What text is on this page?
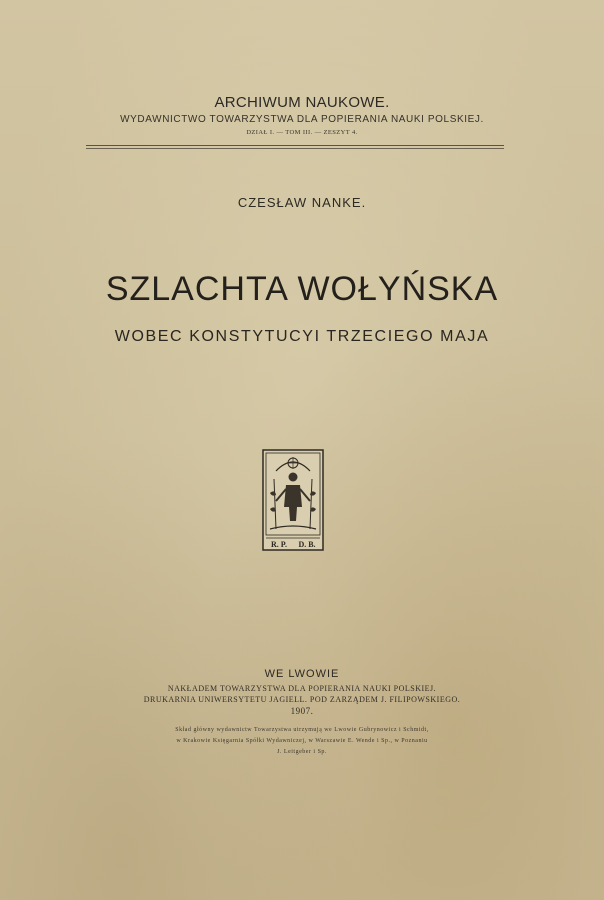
ARCHIWUM NAUKOWE.
WYDAWNICTWO TOWARZYSTWA DLA POPIERANIA NAUKI POLSKIEJ.
DZIAŁ I. — TOM III. — ZESZYT 4.
CZESŁAW NANKE.
SZLACHTA WOŁYŃSKA
WOBEC KONSTYTUCYI TRZECIEGO MAJA
R. P. D. B.
WE LWOWIE
NAKŁADEM TOWARZYSTWA DLA POPIERANIA NAUKI POLSKIEJ.
DRUKARNIA UNIWERSYTETU JAGIELL. POD ZARZĄDEM J. FILIPOWSKIEGO.
1907.
Skład główny wydawnictw Towarzystwa utrzymują we Lwowie Gubrynowicz i Schmidt,
w Krakowie Księgarnia Spółki Wydawniczej, w Warszawie E. Wende i Sp., w Poznaniu
J. Leitgeber i Sp.
